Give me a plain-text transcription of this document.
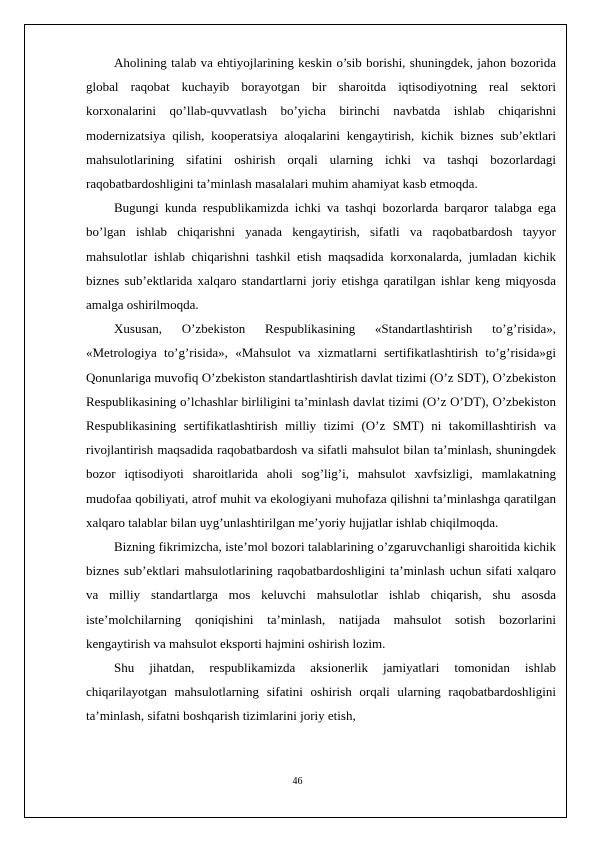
Aholining talab va ehtiyojlarining keskin o’sib borishi, shuningdek, jahon bozorida global raqobat kuchayib borayotgan bir sharoitda iqtisodiyotning real sektori korxonalarini qo’llab-quvvatlash bo’yicha birinchi navbatda ishlab chiqarishni modernizatsiya qilish, kooperatsiya aloqalarini kengaytirish, kichik biznes sub’ektlari mahsulotlarining sifatini oshirish orqali ularning ichki va tashqi bozorlardagi raqobatbardoshligini ta’minlash masalalari muhim ahamiyat kasb etmoqda.

Bugungi kunda respublikamizda ichki va tashqi bozorlarda barqaror talabga ega bo’lgan ishlab chiqarishni yanada kengaytirish, sifatli va raqobatbardosh tayyor mahsulotlar ishlab chiqarishni tashkil etish maqsadida korxonalarda, jumladan kichik biznes sub’ektlarida xalqaro standartlarni joriy etishga qaratilgan ishlar keng miqyosda amalga oshirilmoqda.

Xususan, O’zbekiston Respublikasining «Standartlashtirish to’g’risida», «Metrologiya to’g’risida», «Mahsulot va xizmatlarni sertifikatlashtirish to’g’risida»gi Qonunlariga muvofiq O’zbekiston standartlashtirish davlat tizimi (O’z SDT), O’zbekiston Respublikasining o’lchashlar birliligini ta’minlash davlat tizimi (O’z O’DT), O’zbekiston Respublikasining sertifikatlashtirish milliy tizimi (O’z SMT) ni takomillashtirish va rivojlantirish maqsadida raqobatbardosh va sifatli mahsulot bilan ta’minlash, shuningdek bozor iqtisodiyoti sharoitlarida aholi sog’lig’i, mahsulot xavfsizligi, mamlakatning mudofaa qobiliyati, atrof muhit va ekologiyani muhofaza qilishni ta’minlashga qaratilgan xalqaro talablar bilan uyg’unlashtirilgan me’yoriy hujjatlar ishlab chiqilmoqda.

Bizning fikrimizcha, iste’mol bozori talablarining o’zgaruvchanligi sharoitida kichik biznes sub’ektlari mahsulotlarining raqobatbardoshligini ta’minlash uchun sifati xalqaro va milliy standartlarga mos keluvchi mahsulotlar ishlab chiqarish, shu asosda iste’molchilarning qoniqishini ta’minlash, natijada mahsulot sotish bozorlarini kengaytirish va mahsulot eksporti hajmini oshirish lozim.

Shu jihatdan, respublikamizda aksionerlik jamiyatlari tomonidan ishlab chiqarilayotgan mahsulotlarning sifatini oshirish orqali ularning raqobatbardoshligini ta’minlash, sifatni boshqarish tizimlarini joriy etish,

46
